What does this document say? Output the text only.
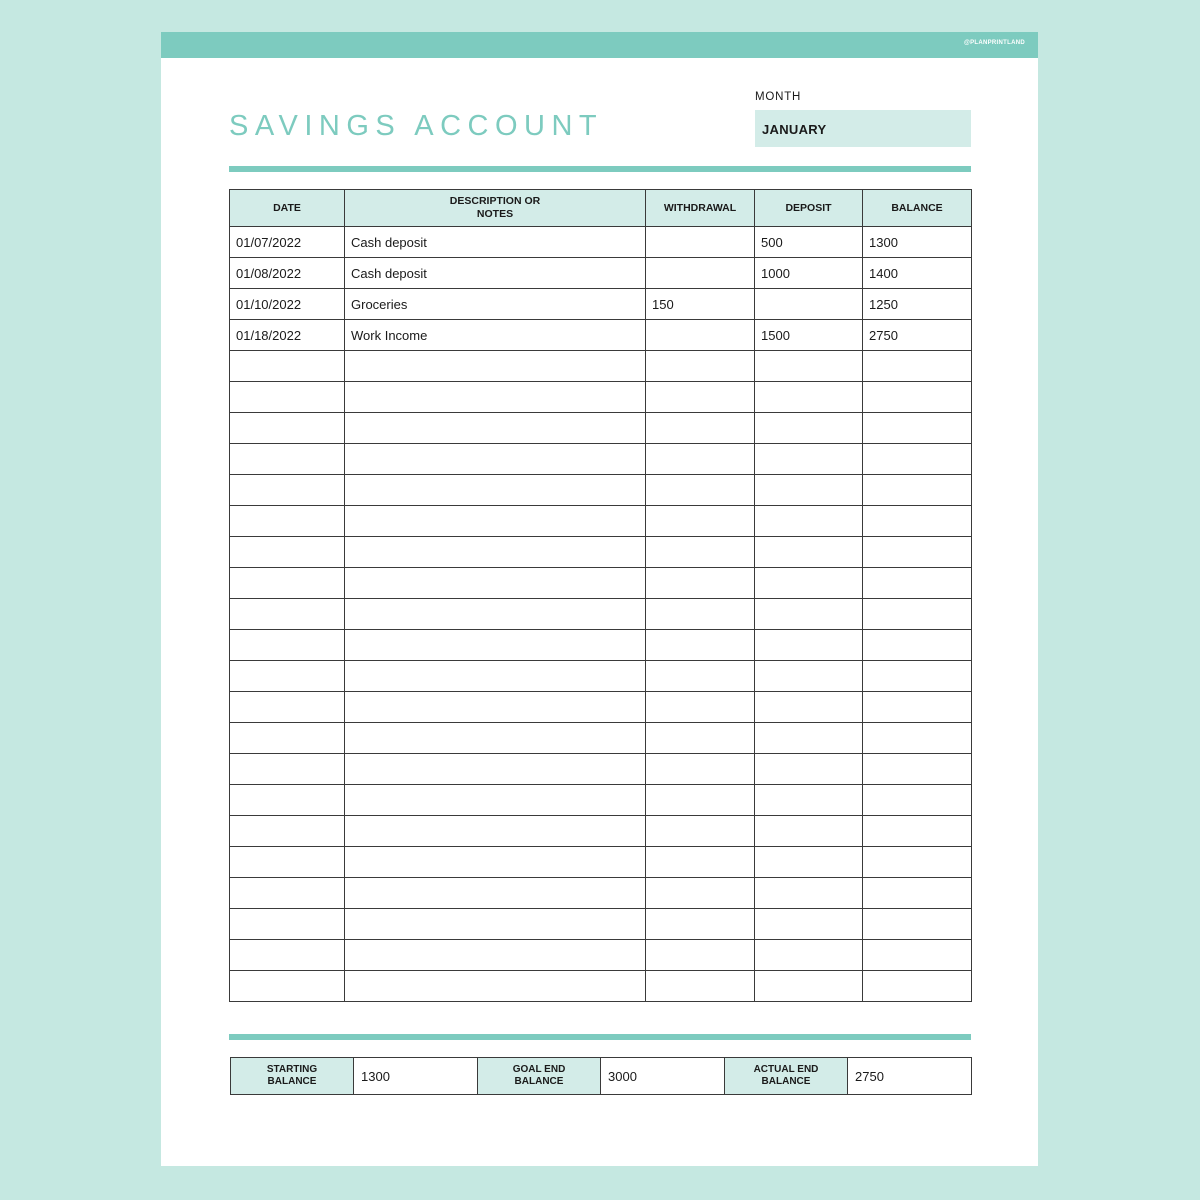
@PLANPRINTLAND
SAVINGS ACCOUNT
MONTH
JANUARY
DATE	DESCRIPTION OR NOTES	WITHDRAWAL	DEPOSIT	BALANCE
01/07/2022	Cash deposit		500	1300
01/08/2022	Cash deposit		1000	1400
01/10/2022	Groceries	150		1250
01/18/2022	Work Income		1500	2750

STARTING BALANCE	1300	GOAL END BALANCE	3000	ACTUAL END BALANCE	2750
